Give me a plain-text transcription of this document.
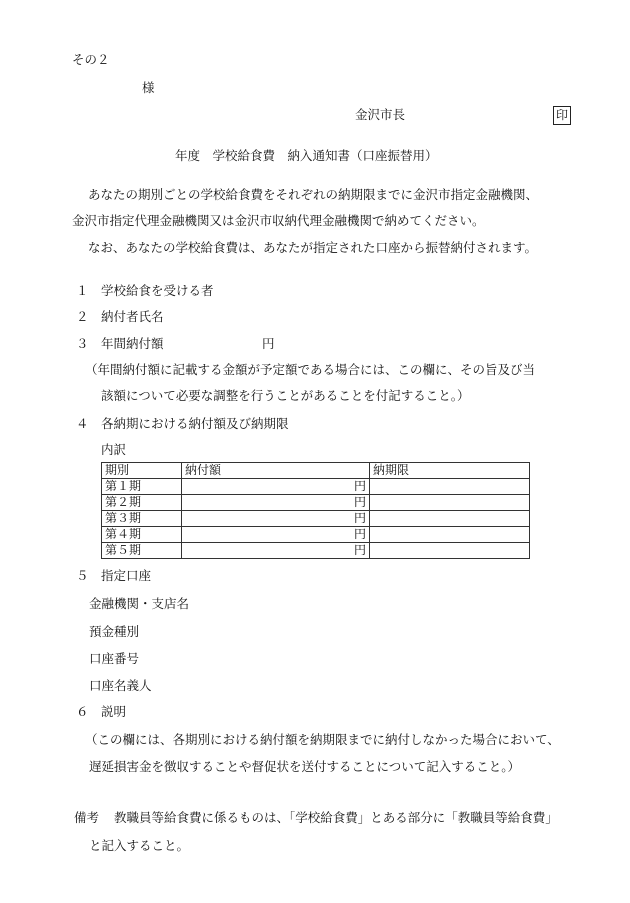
その２
様
金沢市長	印
年度　学校給食費　納入通知書（口座振替用）
あなたの期別ごとの学校給食費をそれぞれの納期限までに金沢市指定金融機関、
金沢市指定代理金融機関又は金沢市収納代理金融機関で納めてください。
なお、あなたの学校給食費は、あなたが指定された口座から振替納付されます。
１ 学校給食を受ける者
２ 納付者氏名
３ 年間納付額	円
（年間納付額に記載する金額が予定額である場合には、この欄に、その旨及び当
該額について必要な調整を行うことがあることを付記すること。）
４ 各納期における納付額及び納期限
内訳
期別	納付額	納期限
第１期	円	
第２期	円	
第３期	円	
第４期	円	
第５期	円	
５ 指定口座
金融機関・支店名
預金種別
口座番号
口座名義人
６ 説明
（この欄には、各期別における納付額を納期限までに納付しなかった場合において、
遅延損害金を徴収することや督促状を送付することについて記入すること。）
備考 教職員等給食費に係るものは、「学校給食費」とある部分に「教職員等給食費」
と記入すること。
